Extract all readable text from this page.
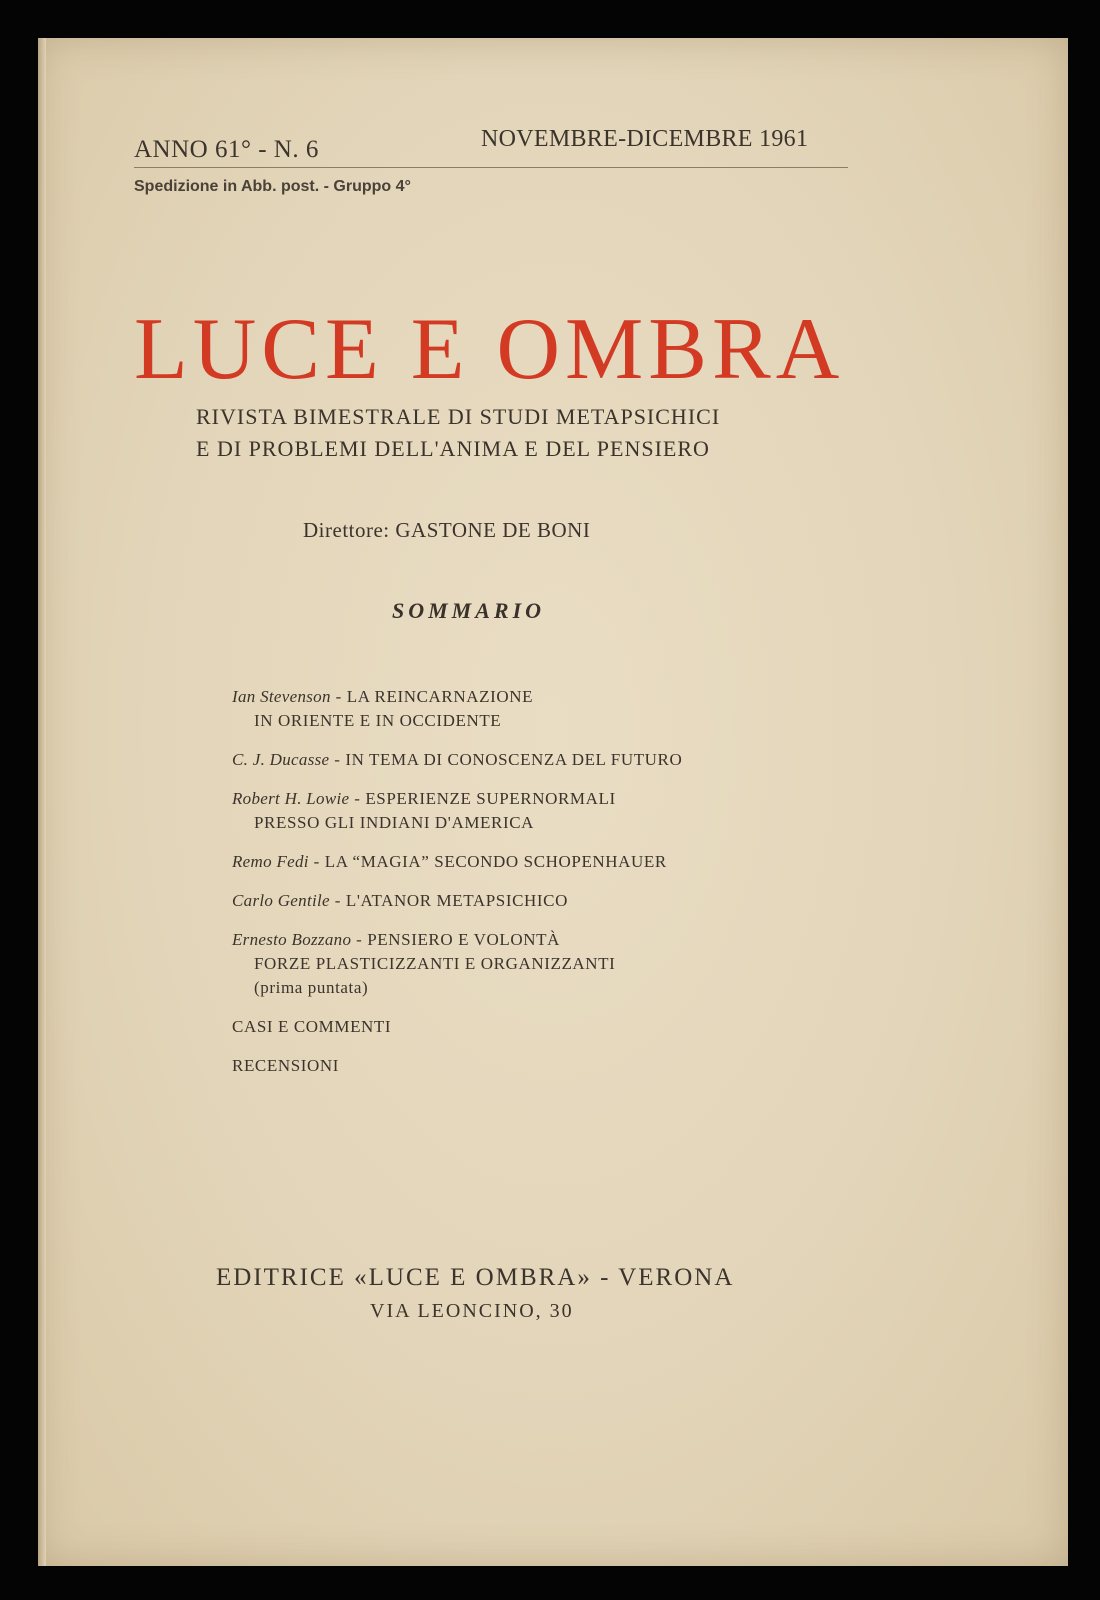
ANNO 61° - N. 6	NOVEMBRE-DICEMBRE 1961
Spedizione in Abb. post. - Gruppo 4°
LUCE E OMBRA
RIVISTA BIMESTRALE DI STUDI METAPSICHICI
E DI PROBLEMI DELL'ANIMA E DEL PENSIERO
Direttore: GASTONE DE BONI
SOMMARIO
Ian Stevenson - LA REINCARNAZIONE
IN ORIENTE E IN OCCIDENTE
C. J. Ducasse - IN TEMA DI CONOSCENZA DEL FUTURO
Robert H. Lowie - ESPERIENZE SUPERNORMALI
PRESSO GLI INDIANI D'AMERICA
Remo Fedi - LA “MAGIA” SECONDO SCHOPENHAUER
Carlo Gentile - L'ATANOR METAPSICHICO
Ernesto Bozzano - PENSIERO E VOLONTÀ
FORZE PLASTICIZZANTI E ORGANIZZANTI
(prima puntata)
CASI E COMMENTI
RECENSIONI
EDITRICE «LUCE E OMBRA» - VERONA
VIA LEONCINO, 30
